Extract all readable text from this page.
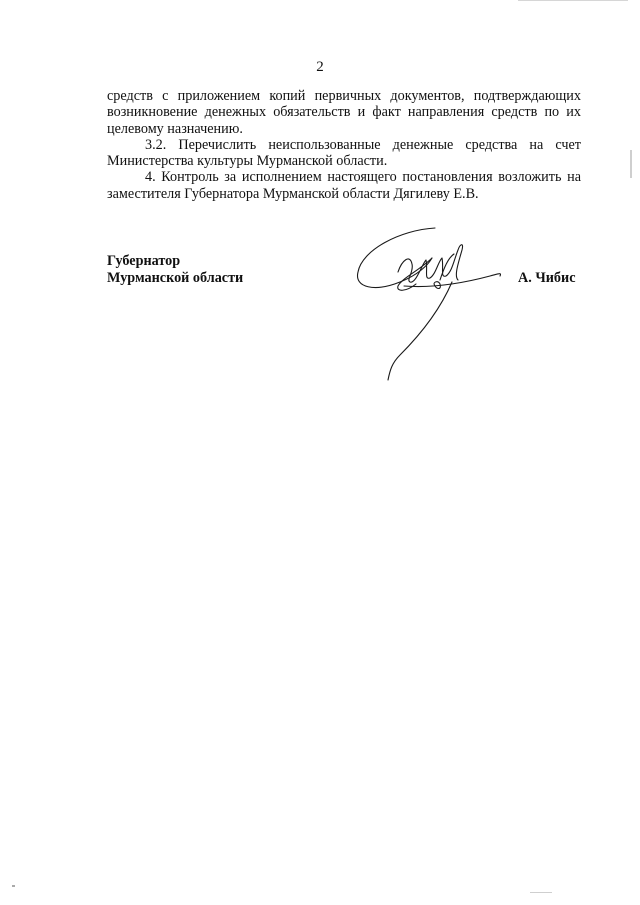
2

средств с приложением копий первичных документов, подтверждающих возникновение денежных обязательств и факт направления средств по их целевому назначению.

3.2. Перечислить неиспользованные денежные средства на счет Министерства культуры Мурманской области.

4. Контроль за исполнением настоящего постановления возложить на заместителя Губернатора Мурманской области Дягилеву Е.В.

Губернатор
Мурманской области	А. Чибис
